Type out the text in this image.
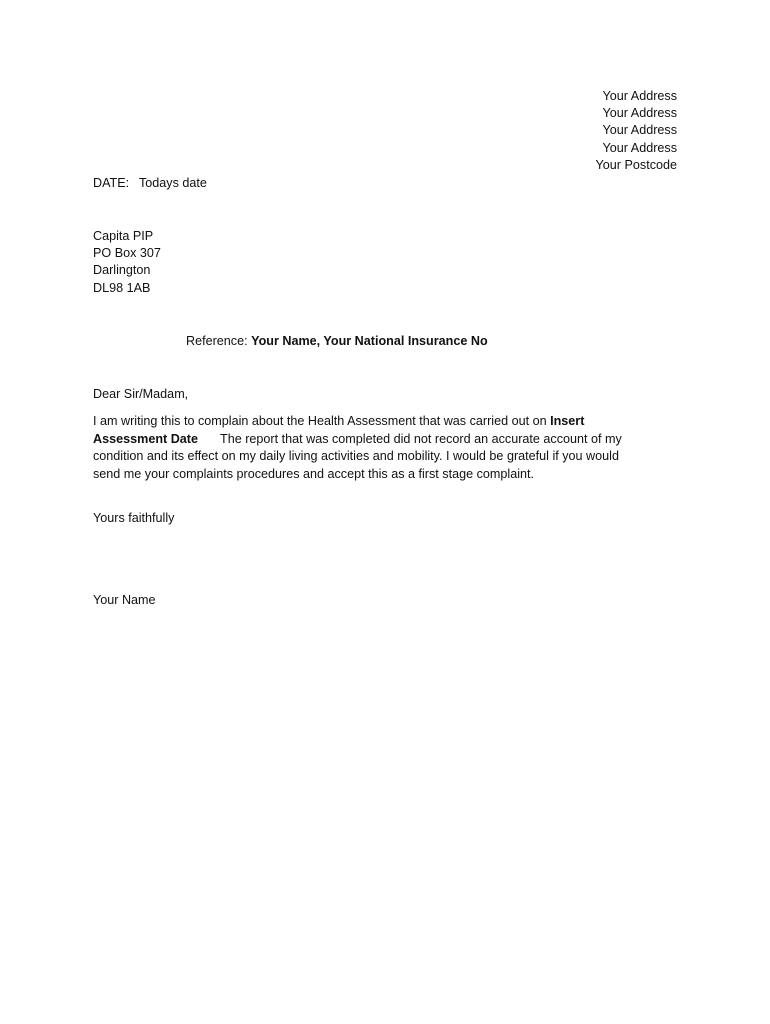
Your Address
Your Address
Your Address
Your Address
Your Postcode
DATE: Todays date
Capita PIP
PO Box 307
Darlington
DL98 1AB
Reference: Your Name, Your National Insurance No
Dear Sir/Madam,
I am writing this to complain about the Health Assessment that was carried out on Insert
Assessment Date The report that was completed did not record an accurate account of my
condition and its effect on my daily living activities and mobility. I would be grateful if you would
send me your complaints procedures and accept this as a first stage complaint.
Yours faithfully
Your Name
